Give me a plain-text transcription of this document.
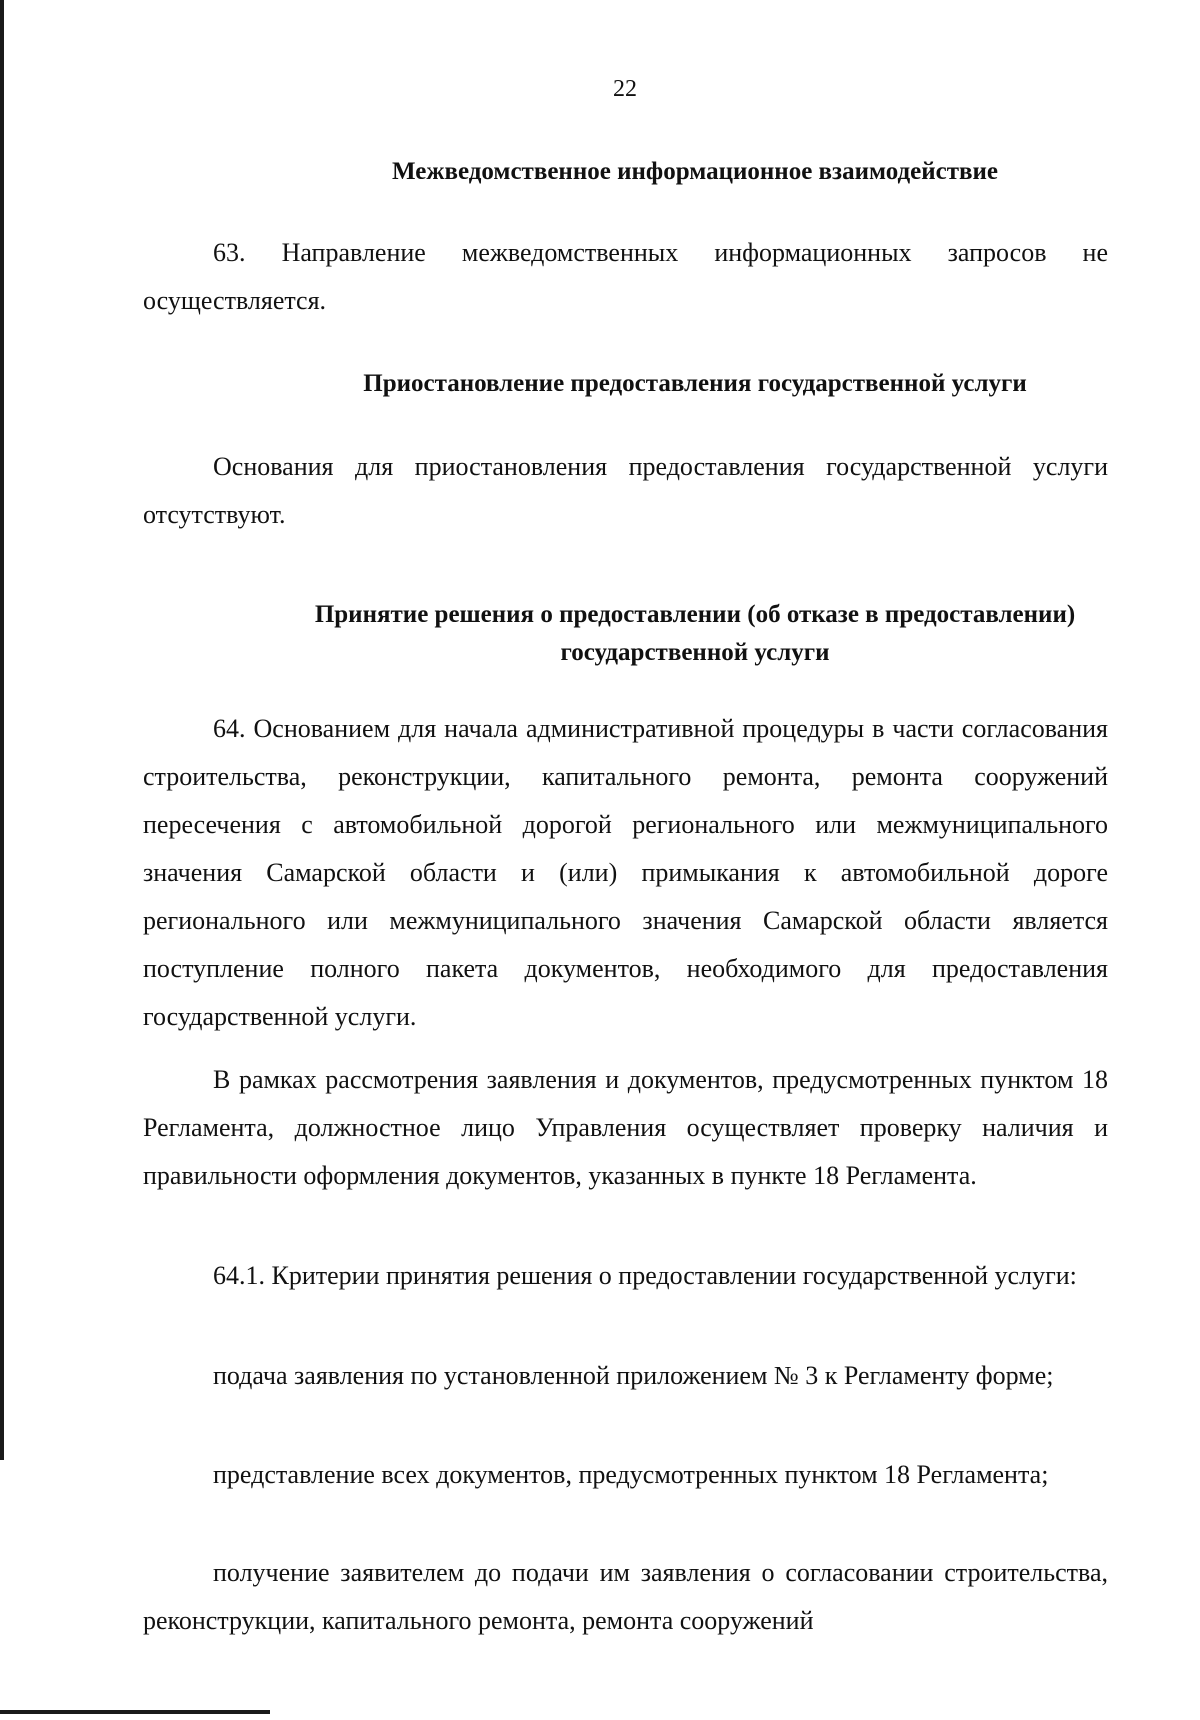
22
Межведомственное информационное взаимодействие

63. Направление межведомственных информационных запросов не осуществляется.

Приостановление предоставления государственной услуги

Основания для приостановления предоставления государственной услуги отсутствуют.

Принятие решения о предоставлении (об отказе в предоставлении)
государственной услуги

64. Основанием для начала административной процедуры в части согласования строительства, реконструкции, капитального ремонта, ремонта сооружений пересечения с автомобильной дорогой регионального или межмуниципального значения Самарской области и (или) примыкания к автомобильной дороге регионального или межмуниципального значения Самарской области является поступление полного пакета документов, необходимого для предоставления государственной услуги.

В рамках рассмотрения заявления и документов, предусмотренных пунктом 18 Регламента, должностное лицо Управления осуществляет проверку наличия и правильности оформления документов, указанных в пункте 18 Регламента.

64.1. Критерии принятия решения о предоставлении государственной услуги:

подача заявления по установленной приложением № 3 к Регламенту форме;

представление всех документов, предусмотренных пунктом 18 Регламента;

получение заявителем до подачи им заявления о согласовании строительства, реконструкции, капитального ремонта, ремонта сооружений
